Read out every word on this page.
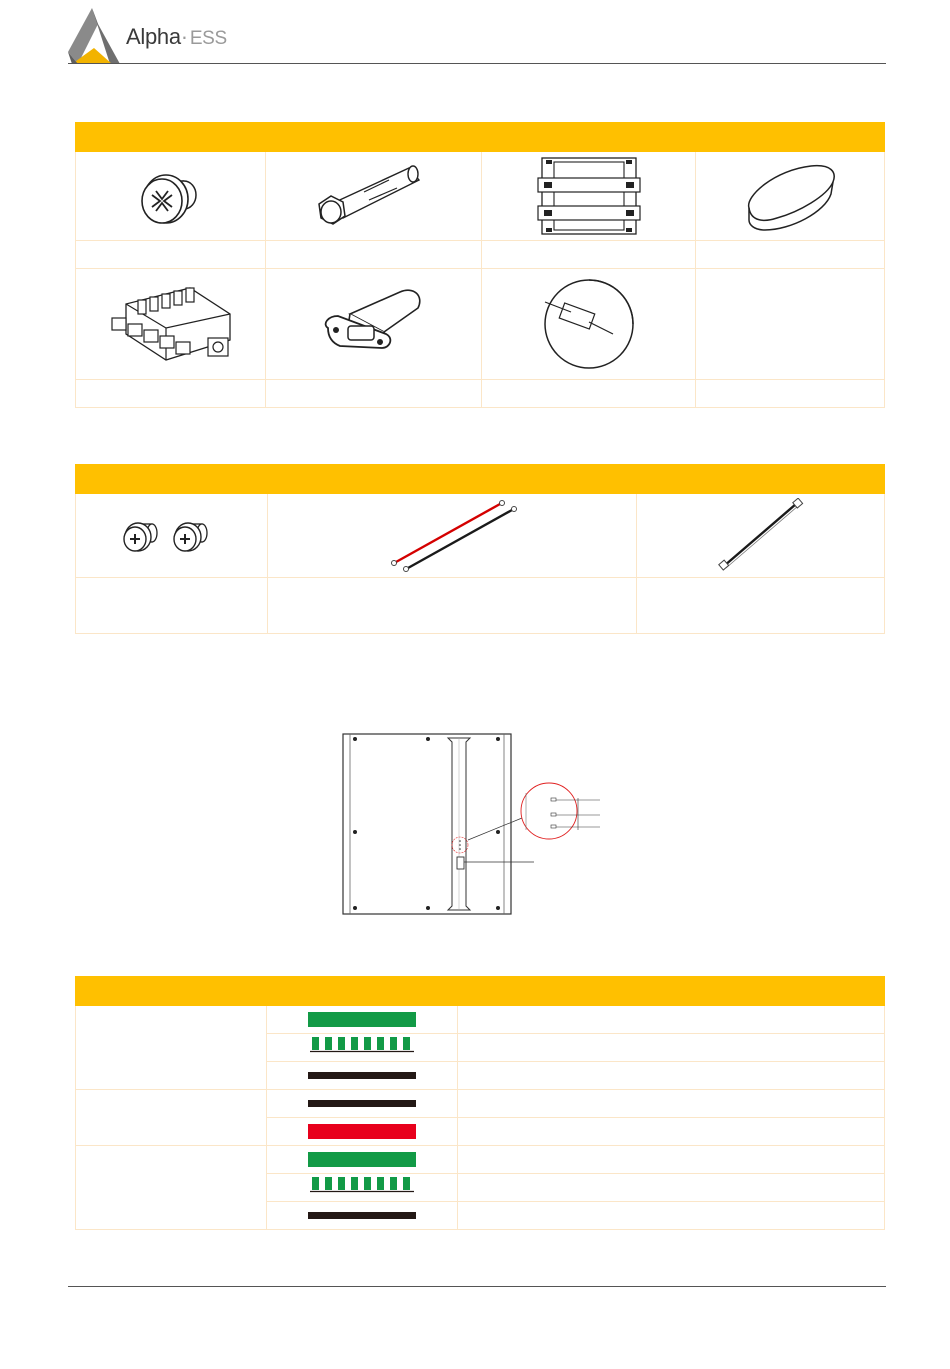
Alpha· ESS
